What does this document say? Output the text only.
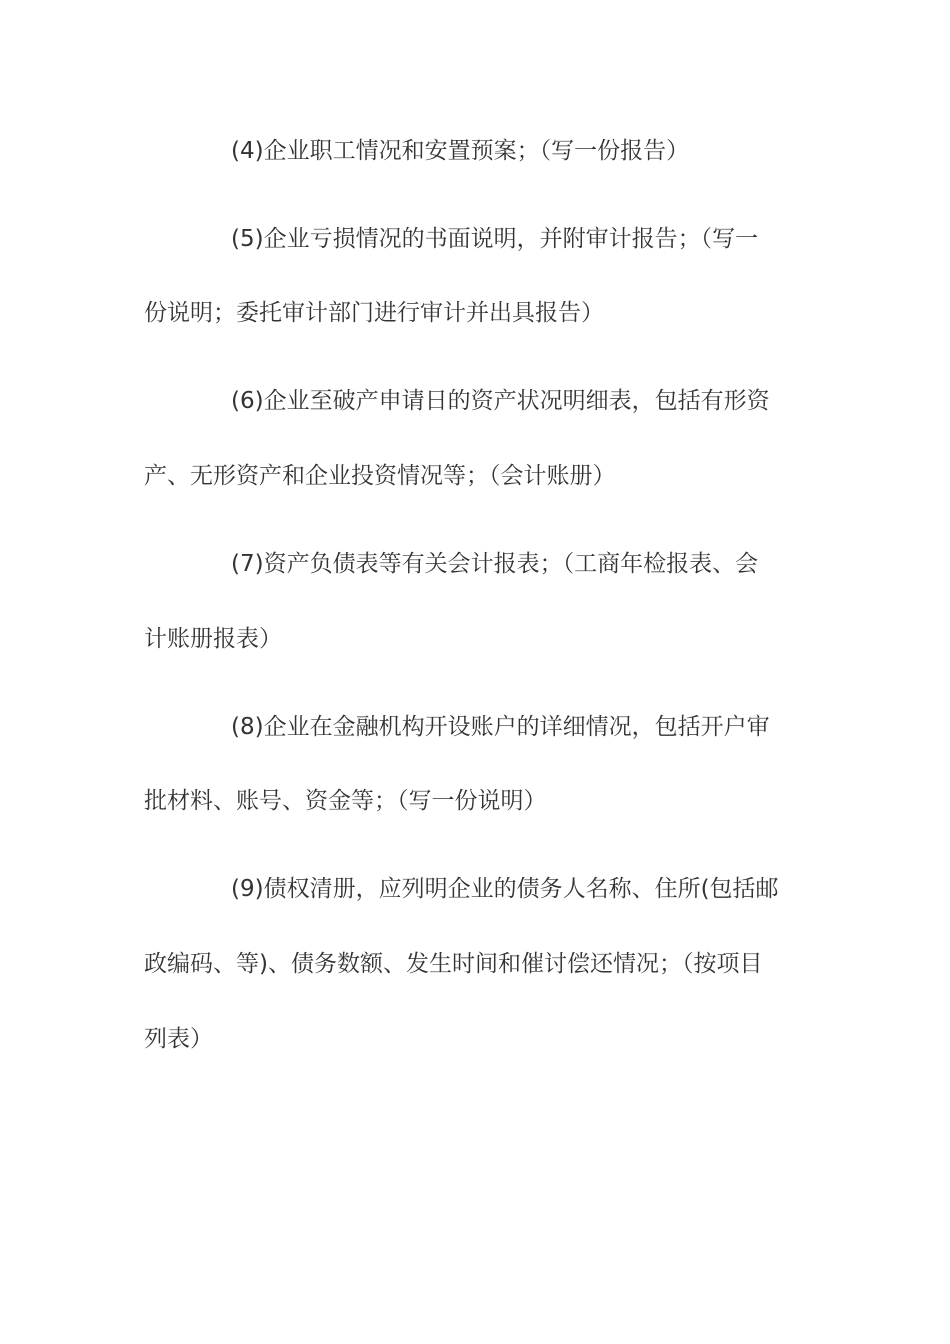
(4)企业职工情况和安置预案；（写一份报告）
(5)企业亏损情况的书面说明，并附审计报告；（写一
份说明；委托审计部门进行审计并出具报告）
(6)企业至破产申请日的资产状况明细表，包括有形资
产、无形资产和企业投资情况等；（会计账册）
(7)资产负债表等有关会计报表；（工商年检报表、会
计账册报表）
(8)企业在金融机构开设账户的详细情况，包括开户审
批材料、账号、资金等；（写一份说明）
(9)债权清册，应列明企业的债务人名称、住所(包括邮
政编码、等)、债务数额、发生时间和催讨偿还情况；（按项目
列表）
